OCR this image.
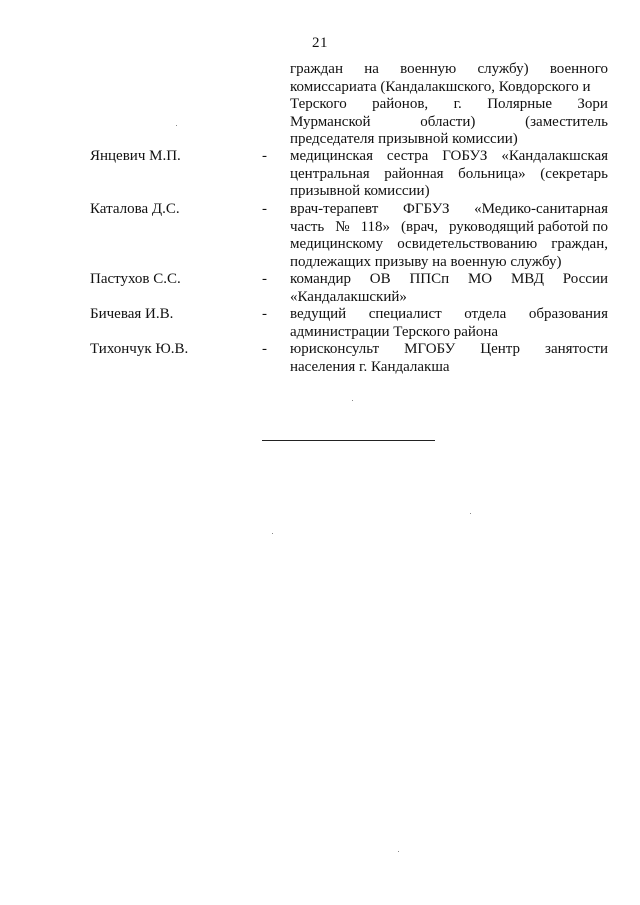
21
граждан на военную службу) военного
комиссариата (Кандалакшского, Ковдорского и
Терского районов, г. Полярные Зори
Мурманской	области)	(заместитель
председателя призывной комиссии)
Янцевич М.П.	- медицинская сестра ГОБУЗ «Кандалакшская
центральная районная больница» (секретарь
призывной комиссии)
Каталова Д.С.	- врач-терапевт ФГБУЗ «Медико-санитарная
часть № 118» (врач, руководящий работой по
медицинскому освидетельствованию граждан,
подлежащих призыву на военную службу)
Пастухов С.С.	- командир ОВ ППСп МО МВД России
«Кандалакшский»
Бичевая И.В.	- ведущий специалист отдела образования
администрации Терского района
Тихончук Ю.В.	- юрисконсульт МГОБУ Центр занятости
населения г. Кандалакша
